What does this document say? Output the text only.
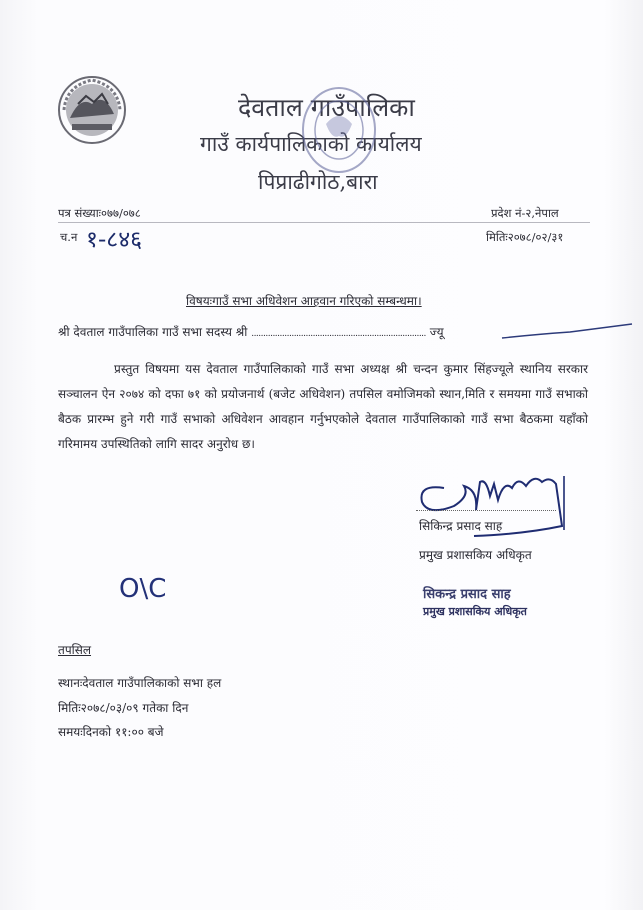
देवताल गाउँपालिका
गाउँ कार्यपालिकाको कार्यालय
पिप्राढीगोठ,बारा
पत्र संख्याः०७७/०७८	प्रदेश नं-२,नेपाल
च.न १-८४६	मितिः२०७८/०२/३१
विषयःगाउँ सभा अधिवेशन आहवान गरिएको सम्बन्धमा।
श्री देवताल गाउँपालिका गाउँ सभा सदस्य श्री .......................................................................... ज्यू
प्रस्तुत विषयमा यस देवताल गाउँपालिकाको गाउँ सभा अध्यक्ष श्री चन्दन कुमार सिंहज्यूले स्थानिय सरकार सञ्चालन ऐन २०७४ को दफा ७१ को प्रयोजनार्थ (बजेट अधिवेशन) तपसिल वमोजिमको स्थान,मिति र समयमा गाउँ सभाको बैठक प्रारम्भ हुने गरी गाउँ सभाको अधिवेशन आवहान गर्नुभएकोले देवताल गाउँपालिकाको गाउँ सभा बैठकमा यहाँको गरिमामय उपस्थितिको लागि सादर अनुरोध छ।
सिकिन्द्र प्रसाद साह
प्रमुख प्रशासकिय अधिकृत
O\C	सिकन्द्र प्रसाद साह
प्रमुख प्रशासकिय अधिकृत
तपसिल
स्थानःदेवताल गाउँपालिकाको सभा हल
मितिः२०७८/०३/०९ गतेका दिन
समयःदिनको ११:०० बजे
